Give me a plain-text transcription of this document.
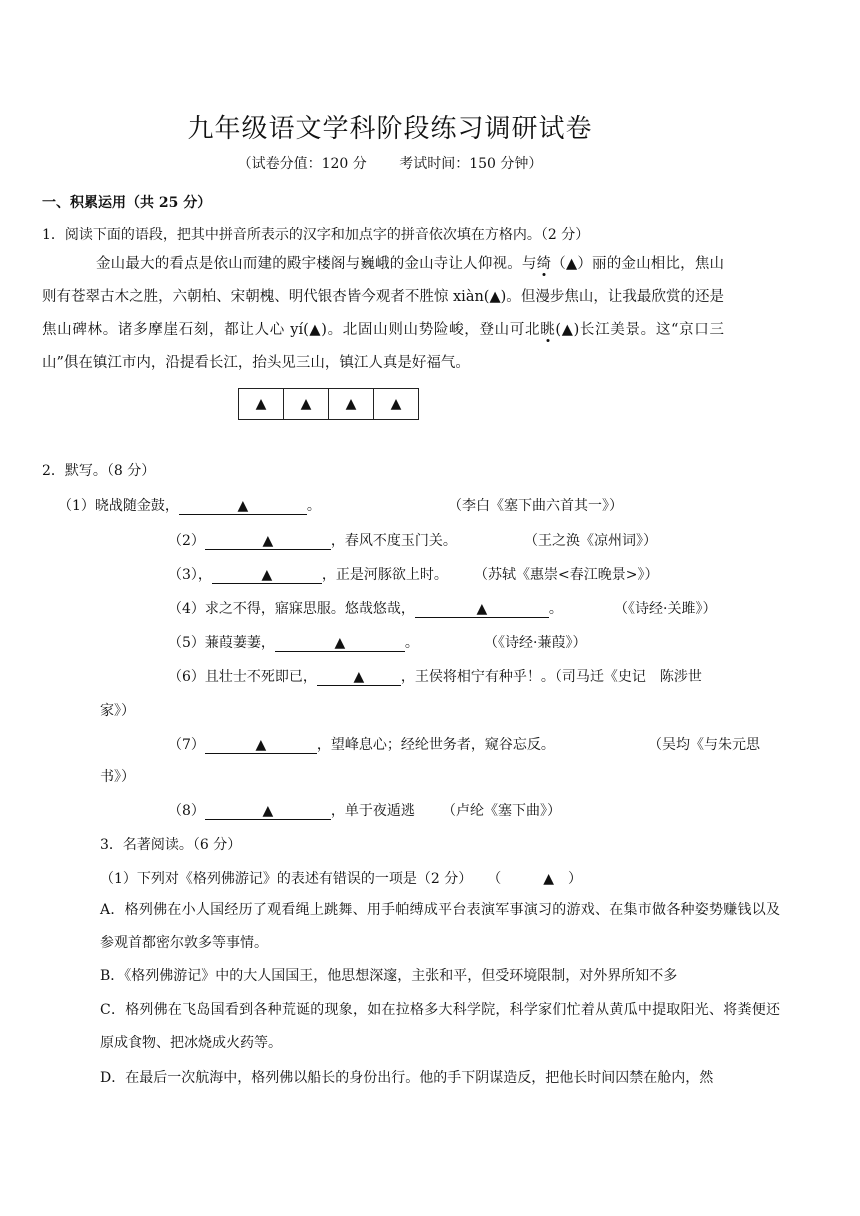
九年级语文学科阶段练习调研试卷
（试卷分值：120 分 考试时间：150 分钟）
一、积累运用（共 25 分）
1．阅读下面的语段，把其中拼音所表示的汉字和加点字的拼音依次填在方格内。（2 分）
金山最大的看点是依山而建的殿宇楼阁与巍峨的金山寺让人仰视。与绮（▲）丽的金山相比，焦山则有苍翠古木之胜，六朝柏、宋朝槐、明代银杏皆今观者不胜惊 xiàn(▲)。但漫步焦山，让我最欣赏的还是焦山碑林。诸多摩崖石刻，都让人心 yí(▲)。北固山则山势险峻，登山可北眺(▲)长江美景。这“京口三山”俱在镇江市内，沿提看长江，抬头见三山，镇江人真是好福气。
▲	▲	▲	▲
2．默写。（8 分）
（1）晓战随金鼓，	▲	。	（李白《塞下曲六首其一》）
（2）	▲	，春风不度玉门关。	（王之涣《凉州词》）
（3），	▲	，正是河豚欲上时。 （苏轼《惠崇<春江晚景>》）
（4）求之不得，寤寐思服。悠哉悠哉，	▲	。	（《诗经·关雎》）
（5）蒹葭萋萋，	▲	。	（《诗经·蒹葭》）
（6）且壮士不死即已，	▲	，王侯将相宁有种乎！。（司马迁《史记　陈涉世
家》）
（7）	▲	，望峰息心；经纶世务者，窥谷忘反。	（吴均《与朱元思
书》）
（8）	▲	，单于夜遁逃 （卢纶《塞下曲》）
3．名著阅读。（6 分）
（1）下列对《格列佛游记》的表述有错误的一项是（2 分） （　　　▲　）
A．格列佛在小人国经历了观看绳上跳舞、用手帕缚成平台表演军事演习的游戏、在集市做各种姿势赚钱以及参观首都密尔敦多等事情。
B．《格列佛游记》中的大人国国王，他思想深邃，主张和平，但受环境限制，对外界所知不多
C．格列佛在飞岛国看到各种荒诞的现象，如在拉格多大科学院，科学家们忙着从黄瓜中提取阳光、将粪便还原成食物、把冰烧成火药等。
D．在最后一次航海中，格列佛以船长的身份出行。他的手下阴谋造反，把他长时间囚禁在舱内，然
